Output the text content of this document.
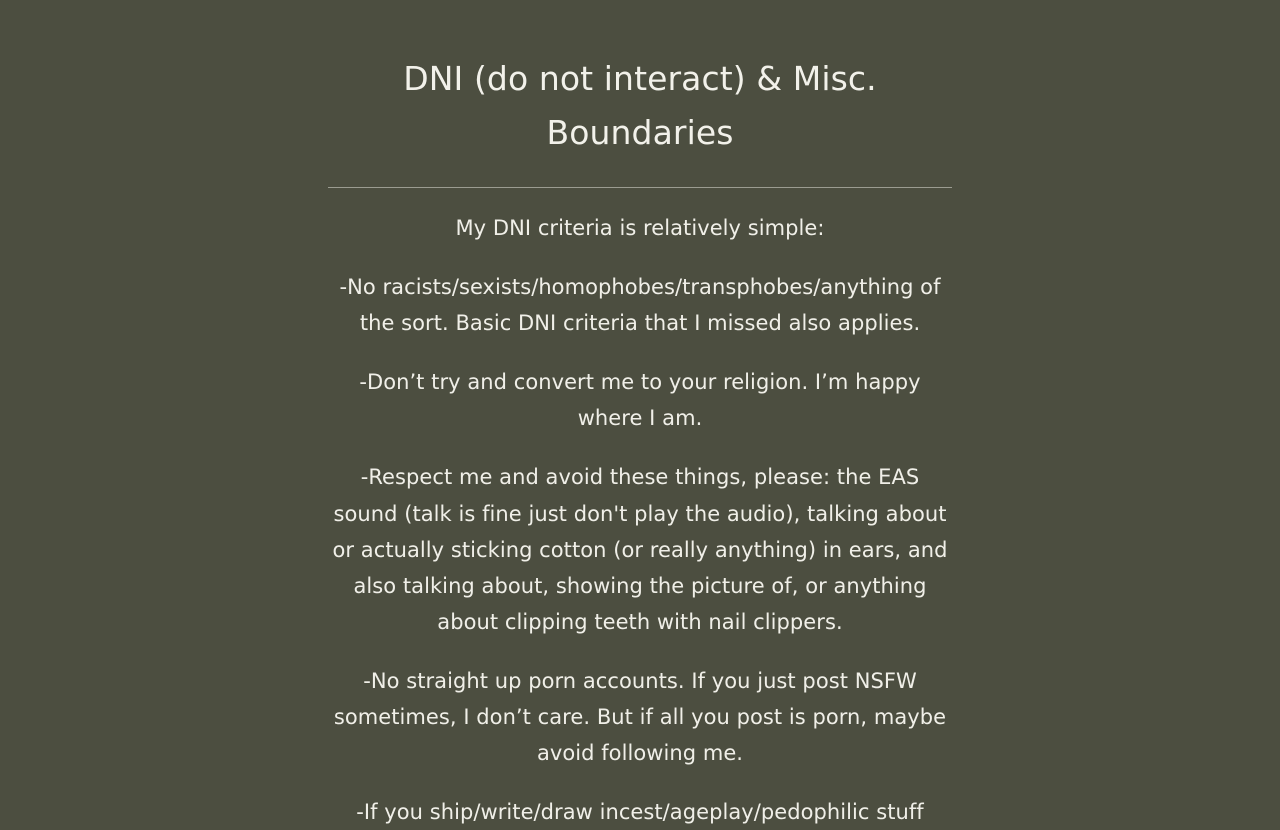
DNI (do not interact) & Misc. Boundaries

My DNI criteria is relatively simple:

-No racists/sexists/homophobes/transphobes/anything of the sort. Basic DNI criteria that I missed also applies.

-Don’t try and convert me to your religion. I’m happy where I am.

-Respect me and avoid these things, please: the EAS sound (talk is fine just don't play the audio), talking about or actually sticking cotton (or really anything) in ears, and also talking about, showing the picture of, or anything about clipping teeth with nail clippers.

-No straight up porn accounts. If you just post NSFW sometimes, I don’t care. But if all you post is porn, maybe avoid following me.

-If you ship/write/draw incest/ageplay/pedophilic stuff
